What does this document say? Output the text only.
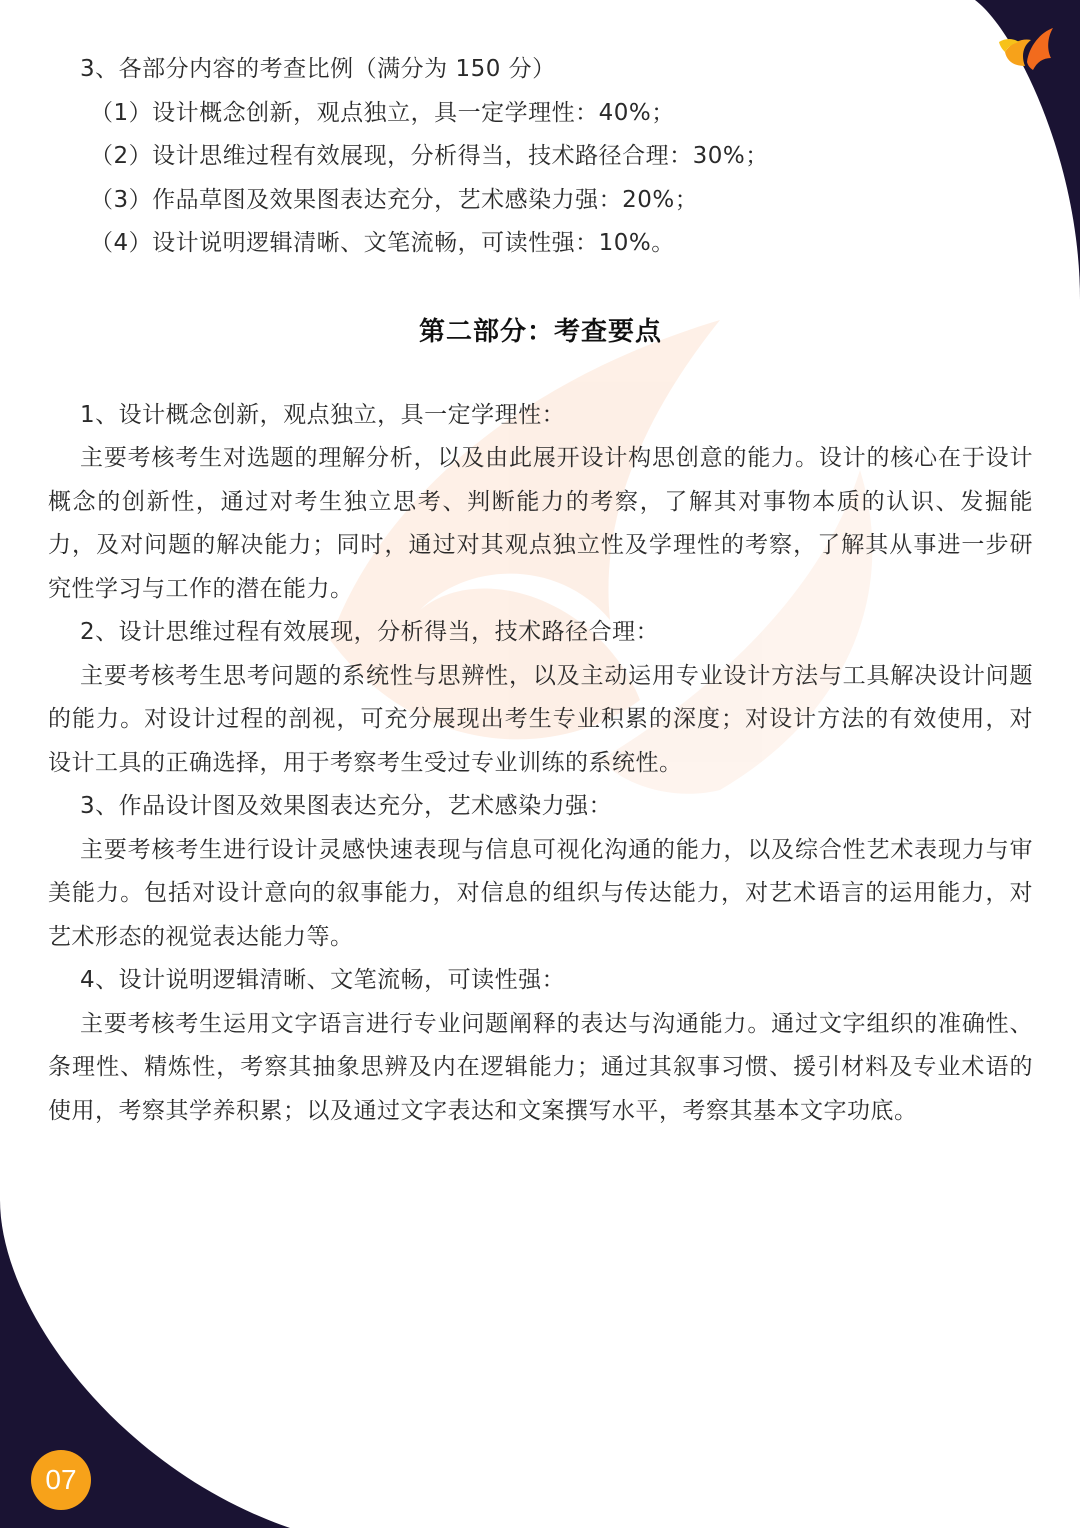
3、各部分内容的考查比例（满分为 150 分）

（1）设计概念创新，观点独立，具一定学理性：40%；

（2）设计思维过程有效展现，分析得当，技术路径合理：30%；

（3）作品草图及效果图表达充分，艺术感染力强：20%；

（4）设计说明逻辑清晰、文笔流畅，可读性强：10%。

第二部分：考查要点

1、设计概念创新，观点独立，具一定学理性：

主要考核考生对选题的理解分析，以及由此展开设计构思创意的能力。设计的核心在于设计概念的创新性，通过对考生独立思考、判断能力的考察，了解其对事物本质的认识、发掘能力，及对问题的解决能力；同时，通过对其观点独立性及学理性的考察，了解其从事进一步研究性学习与工作的潜在能力。

2、设计思维过程有效展现，分析得当，技术路径合理：

主要考核考生思考问题的系统性与思辨性，以及主动运用专业设计方法与工具解决设计问题的能力。对设计过程的剖视，可充分展现出考生专业积累的深度；对设计方法的有效使用，对设计工具的正确选择，用于考察考生受过专业训练的系统性。

3、作品设计图及效果图表达充分，艺术感染力强：

主要考核考生进行设计灵感快速表现与信息可视化沟通的能力，以及综合性艺术表现力与审美能力。包括对设计意向的叙事能力，对信息的组织与传达能力，对艺术语言的运用能力，对艺术形态的视觉表达能力等。

4、设计说明逻辑清晰、文笔流畅，可读性强：

主要考核考生运用文字语言进行专业问题阐释的表达与沟通能力。通过文字组织的准确性、条理性、精炼性，考察其抽象思辨及内在逻辑能力；通过其叙事习惯、援引材料及专业术语的使用，考察其学养积累；以及通过文字表达和文案撰写水平，考察其基本文字功底。

07
